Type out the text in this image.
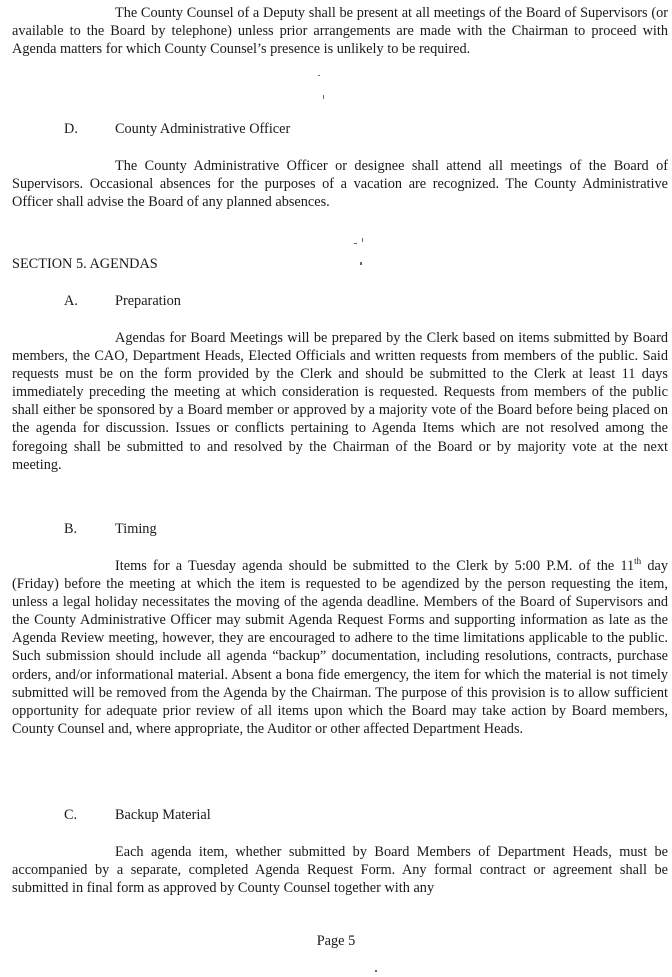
The County Counsel of a Deputy shall be present at all meetings of the Board of Supervisors (or available to the Board by telephone) unless prior arrangements are made with the Chairman to proceed with Agenda matters for which County Counsel’s presence is unlikely to be required.

D.	County Administrative Officer

The County Administrative Officer or designee shall attend all meetings of the Board of Supervisors. Occasional absences for the purposes of a vacation are recognized. The County Administrative Officer shall advise the Board of any planned absences.

SECTION 5. AGENDAS
A.	Preparation

Agendas for Board Meetings will be prepared by the Clerk based on items submitted by Board members, the CAO, Department Heads, Elected Officials and written requests from members of the public. Said requests must be on the form provided by the Clerk and should be submitted to the Clerk at least 11 days immediately preceding the meeting at which consideration is requested. Requests from members of the public shall either be sponsored by a Board member or approved by a majority vote of the Board before being placed on the agenda for discussion. Issues or conflicts pertaining to Agenda Items which are not resolved among the foregoing shall be submitted to and resolved by the Chairman of the Board or by majority vote at the next meeting.

B.	Timing

Items for a Tuesday agenda should be submitted to the Clerk by 5:00 P.M. of the 11th day (Friday) before the meeting at which the item is requested to be agendized by the person requesting the item, unless a legal holiday necessitates the moving of the agenda deadline. Members of the Board of Supervisors and the County Administrative Officer may submit Agenda Request Forms and supporting information as late as the Agenda Review meeting, however, they are encouraged to adhere to the time limitations applicable to the public. Such submission should include all agenda “backup” documentation, including resolutions, contracts, purchase orders, and/or informational material. Absent a bona fide emergency, the item for which the material is not timely submitted will be removed from the Agenda by the Chairman. The purpose of this provision is to allow sufficient opportunity for adequate prior review of all items upon which the Board may take action by Board members, County Counsel and, where appropriate, the Auditor or other affected Department Heads.

C.	Backup Material

Each agenda item, whether submitted by Board Members of Department Heads, must be accompanied by a separate, completed Agenda Request Form. Any formal contract or agreement shall be submitted in final form as approved by County Counsel together with any

Page 5
